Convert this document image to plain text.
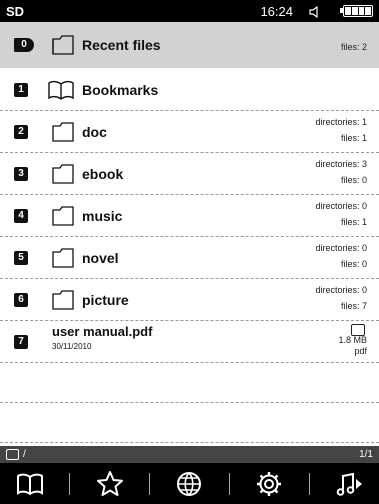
SD	16:24
0	Recent files	files: 2
1	Bookmarks
2	doc
directories: 1
files: 1
3	ebook
directories: 3
files: 0
4	music
directories: 0
files: 1
5	novel
directories: 0
files: 0
6	picture
directories: 0
files: 7
7
user manual.pdf
30/11/2010
1.8 MB
pdf
/	1/1
